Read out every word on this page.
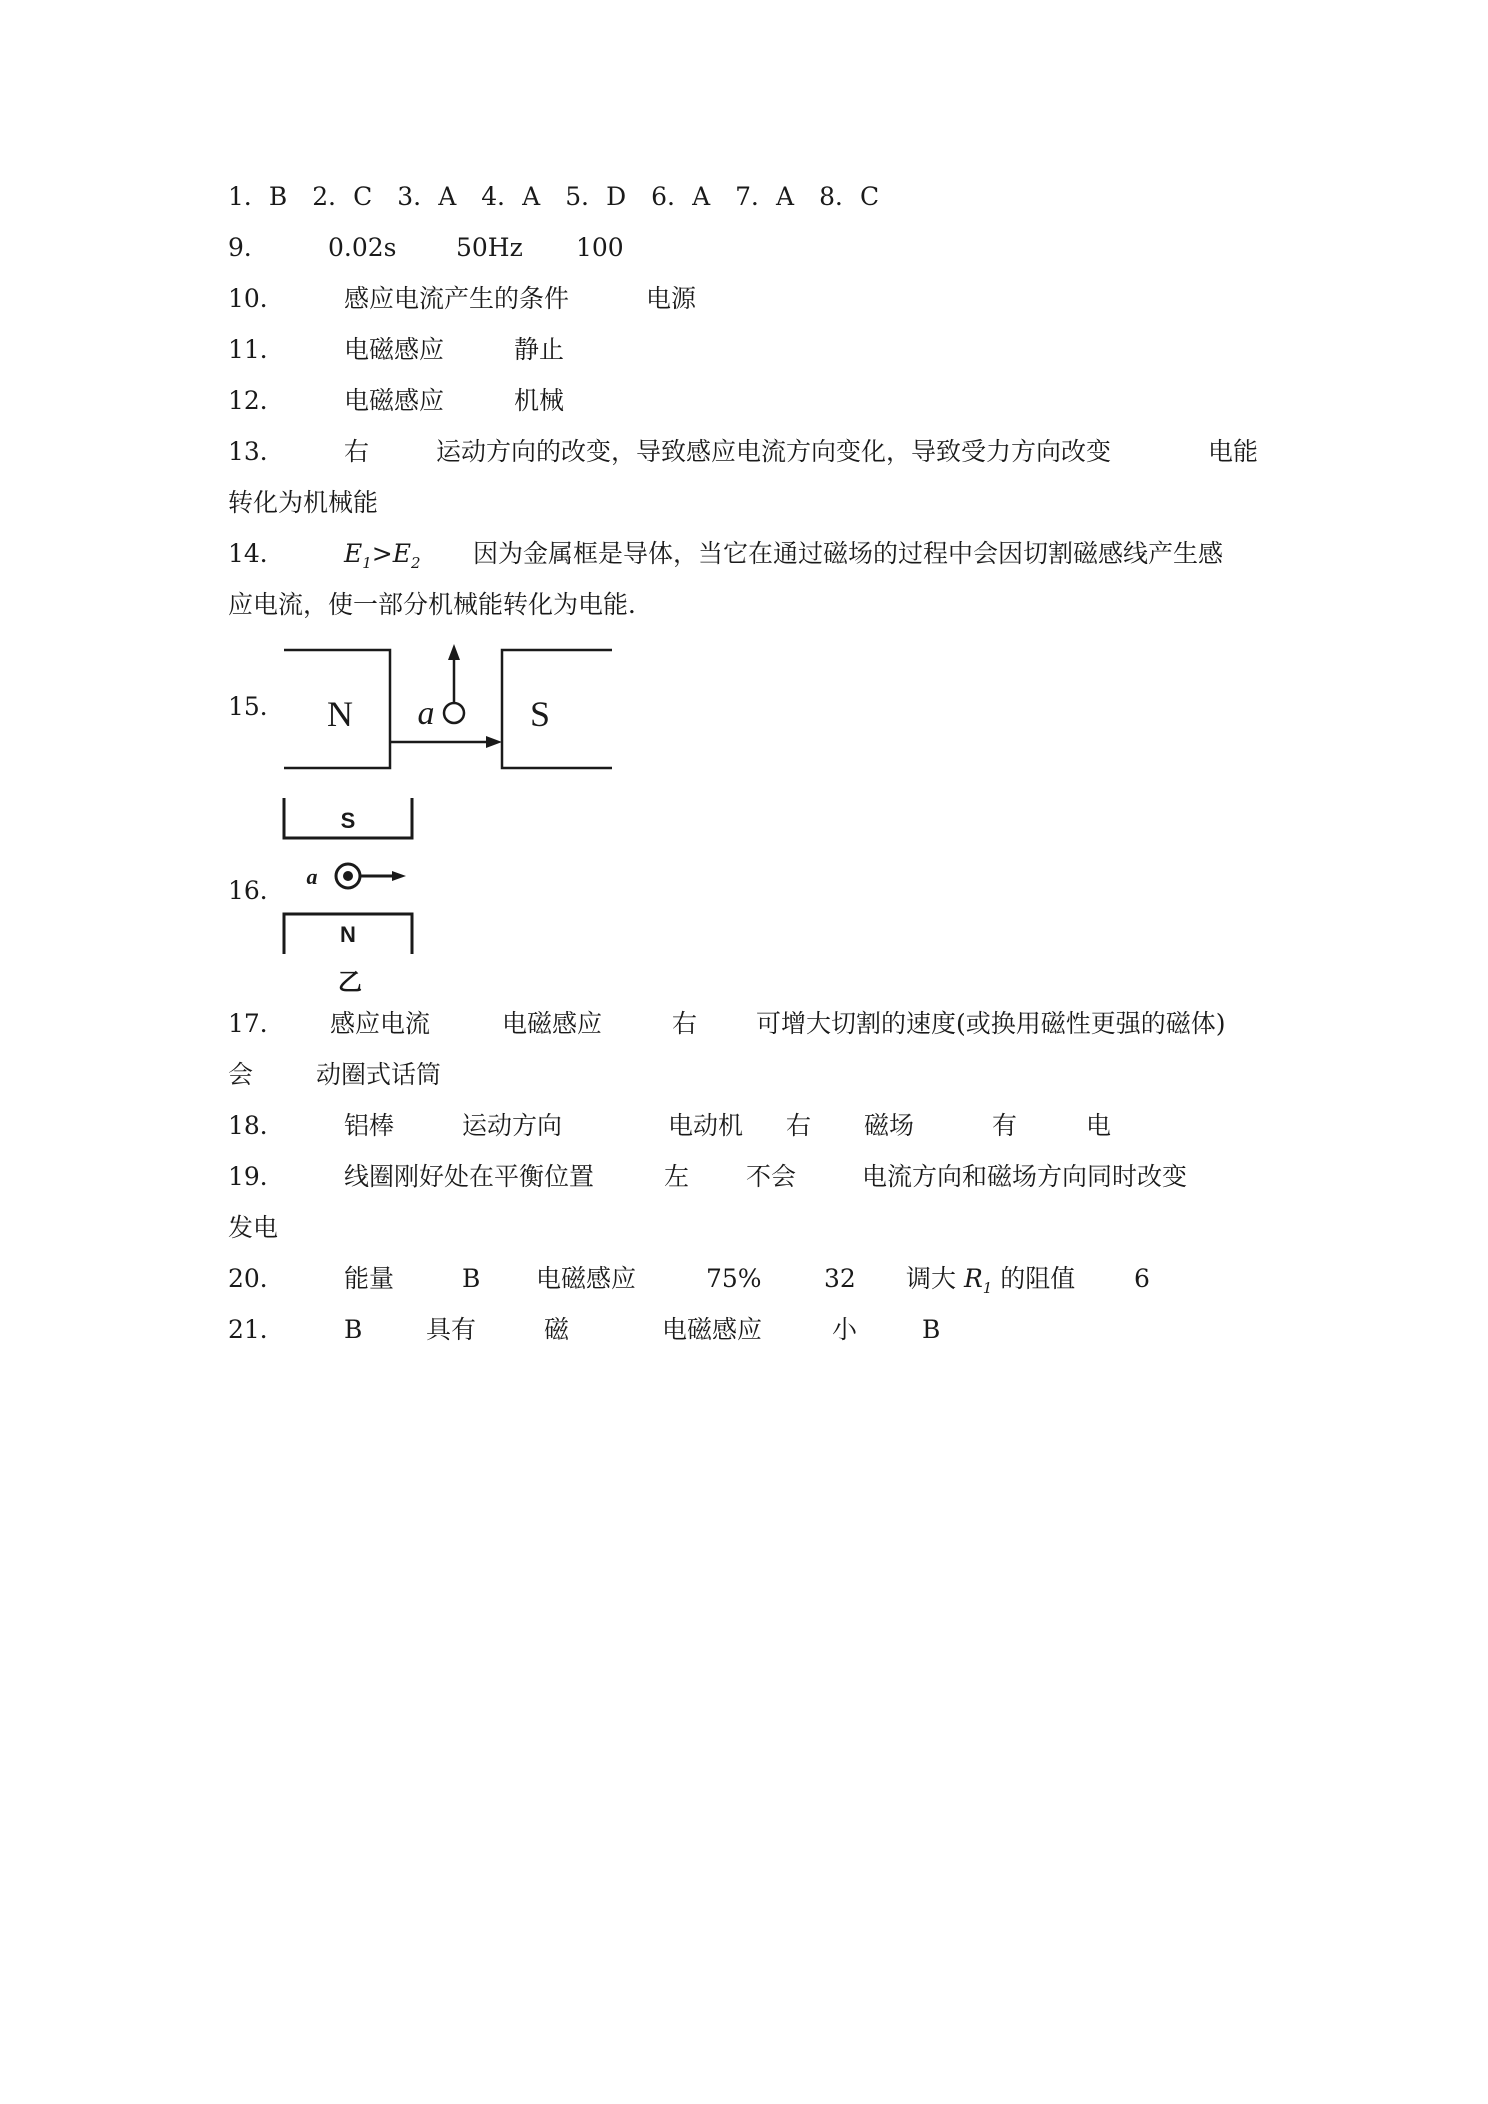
1．B　2．C　3．A　4．A　5．D　6．A　7．A　8．C
9． 0.02s 50Hz 100
10． 感应电流产生的条件	电源
11． 电磁感应	静止
12． 电磁感应	机械
13． 右	运动方向的改变，导致感应电流方向变化，导致受力方向改变	电能
转化为机械能
14． $E_1>E_2$ 因为金属框是导体，当它在通过磁场的过程中会因切割磁感线产生感
应电流，使一部分机械能转化为电能．
15． N	S
a
16．
S
N
a
乙
17． 感应电流	电磁感应	右 可增大切割的速度(或换用磁性更强的磁体)
会	动圈式话筒
18． 铝棒	运动方向	电动机 右 磁场	有	电
19． 线圈刚好处在平衡位置	左 不会	电流方向和磁场方向同时改变
发电
20． 能量	B 电磁感应	75% 32 调大 $R_1$ 的阻值 6
21． B	具有	磁	电磁感应	小	B
